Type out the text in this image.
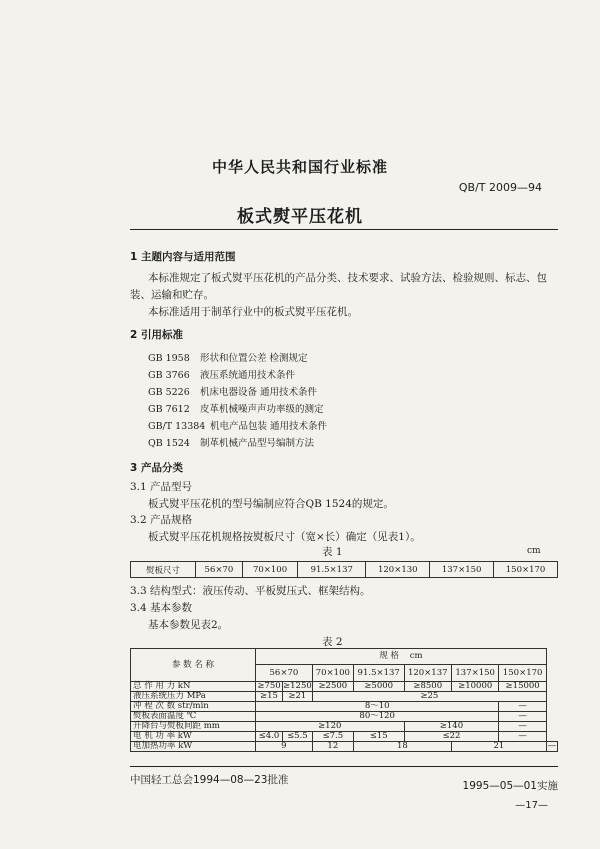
中华人民共和国行业标准
QB/T 2009—94
板式熨平压花机
1 主题内容与适用范围
本标准规定了板式熨平压花机的产品分类、技术要求、试验方法、检验规则、标志、包
装、运输和贮存。
本标准适用于制革行业中的板式熨平压花机。
2 引用标准
GB 1958 形状和位置公差 检测规定
GB 3766 液压系统通用技术条件
GB 5226 机床电器设备 通用技术条件
GB 7612 皮革机械噪声声功率级的测定
GB/T 13384 机电产品包装 通用技术条件
QB 1524 制革机械产品型号编制方法
3 产品分类
3.1 产品型号
板式熨平压花机的型号编制应符合QB 1524的规定。
3.2 产品规格
板式熨平压花机规格按熨板尺寸（宽×长）确定（见表1）。
表 1	cm
熨板尺寸	56×70	70×100	91.5×137	120×130	137×150	150×170
3.3 结构型式：液压传动、平板熨压式、框架结构。
3.4 基本参数
基本参数见表2。
表 2
参 数 名 称	规 格 cm							
	56×70		70×100	91.5×137	120×137	137×150	150×170	
总 作 用 力 kN	≥750	≥1250	≥2500	≥5000	≥8500	≥10000	≥15000	
液压系统压力 MPa	≥15	≥21	≥25					
冲 程 次 数 str/min	8～10						—	
熨板表面温度 ℃	80～120						—	
升降台与熨板间距 mm	≥120				≥140		—	
电 机 功 率 kW	≤4.0	≤5.5	≤7.5	≤15	≤22		—	
电加热功率 kW	9		12	18		21		—
中国轻工总会1994—08—23批准	1995—05—01实施
—17—
